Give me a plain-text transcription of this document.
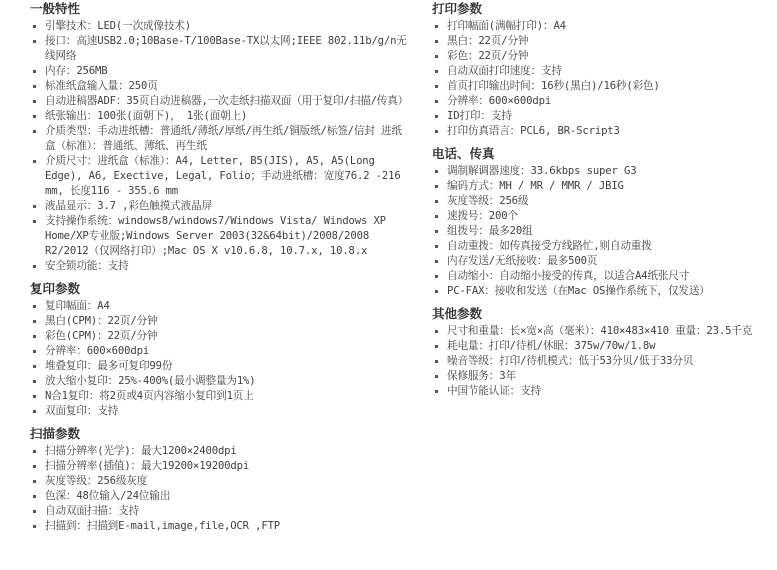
一般特性
引擎技术：LED(一次成像技术)
接口：高速USB2.0;10Base-T/100Base-TX以太网;IEEE 802.11b/g/n无线网络
内存：256MB
标准纸盒输入量：250页
自动进稿器ADF：35页自动进稿器,一次走纸扫描双面（用于复印/扫描/传真）
纸张输出：100张(面朝下)， 1张(面朝上)
介质类型：手动进纸槽：普通纸/薄纸/厚纸/再生纸/铜版纸/标签/信封 进纸盒（标准）：普通纸、薄纸、再生纸
介质尺寸：进纸盒（标准）：A4, Letter, B5(JIS), A5, A5(Long Edge), A6, Exective, Legal, Folio；手动进纸槽：宽度76.2 -216 mm, 长度116 - 355.6 mm
液晶显示：3.7 ,彩色触摸式液晶屏
支持操作系统：windows8/windows7/Windows Vista/ Windows XP Home/XP专业版;Windows Server 2003(32&64bit)/2008/2008 R2/2012（仅网络打印）;Mac OS X v10.6.8, 10.7.x, 10.8.x
安全锁功能：支持
复印参数
复印幅面：A4
黑白(CPM)：22页/分钟
彩色(CPM)：22页/分钟
分辨率：600×600dpi
堆叠复印：最多可复印99份
放大缩小复印：25%-400%(最小调整量为1%)
N合1复印：将2页或4页内容缩小复印到1页上
双面复印：支持
扫描参数
扫描分辨率(光学)：最大1200×2400dpi
扫描分辨率(插值)：最大19200×19200dpi
灰度等级：256级灰度
色深：48位输入/24位输出
自动双面扫描：支持
扫描到：扫描到E-mail,image,file,OCR ,FTP
打印参数
打印幅面(满幅打印)：A4
黑白：22页/分钟
彩色：22页/分钟
自动双面打印速度：支持
首页打印输出时间：16秒(黑白)/16秒(彩色)
分辨率：600×600dpi
ID打印：支持
打印仿真语言：PCL6, BR-Script3
电话、传真
调制解调器速度：33.6kbps super G3
编码方式：MH / MR / MMR / JBIG
灰度等级：256级
速拨号：200个
组拨号：最多20组
自动重拨：如传真接受方线路忙,则自动重拨
内存发送/无纸接收：最多500页
自动缩小：自动缩小接受的传真，以适合A4纸张尺寸
PC-FAX：接收和发送（在Mac OS操作系统下，仅发送）
其他参数
尺寸和重量：长×宽×高（毫米）：410×483×410 重量：23.5千克
耗电量：打印/待机/休眠：375w/70w/1.8w
噪音等级：打印/待机模式：低于53分贝/低于33分贝
保修服务：3年
中国节能认证：支持
